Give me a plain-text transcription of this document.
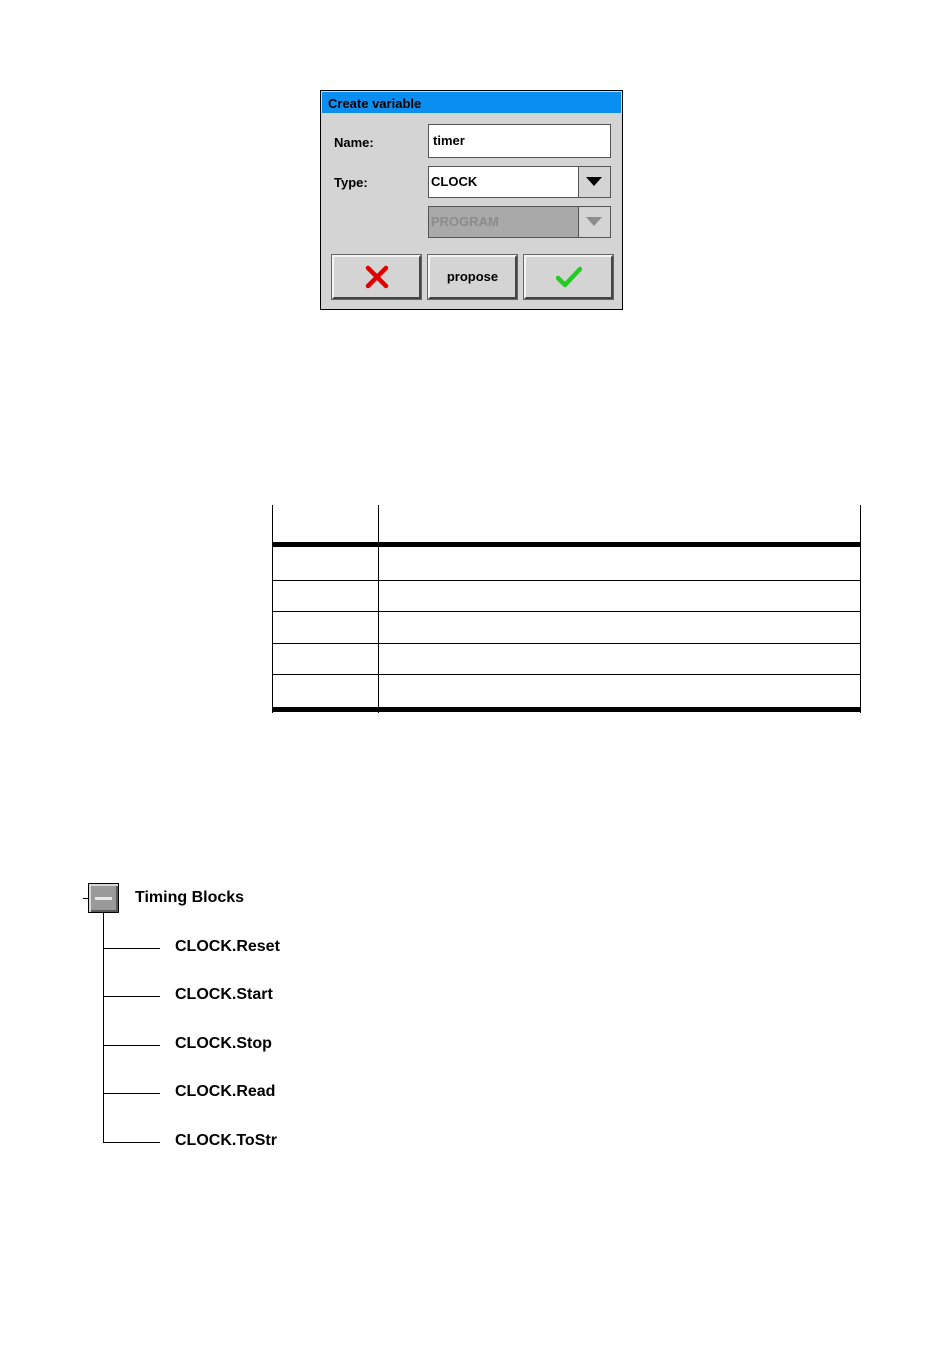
Create variable
Name:	timer
Type:	CLOCK
PROGRAM
propose
Timing Blocks
CLOCK.Reset
CLOCK.Start
CLOCK.Stop
CLOCK.Read
CLOCK.ToStr
